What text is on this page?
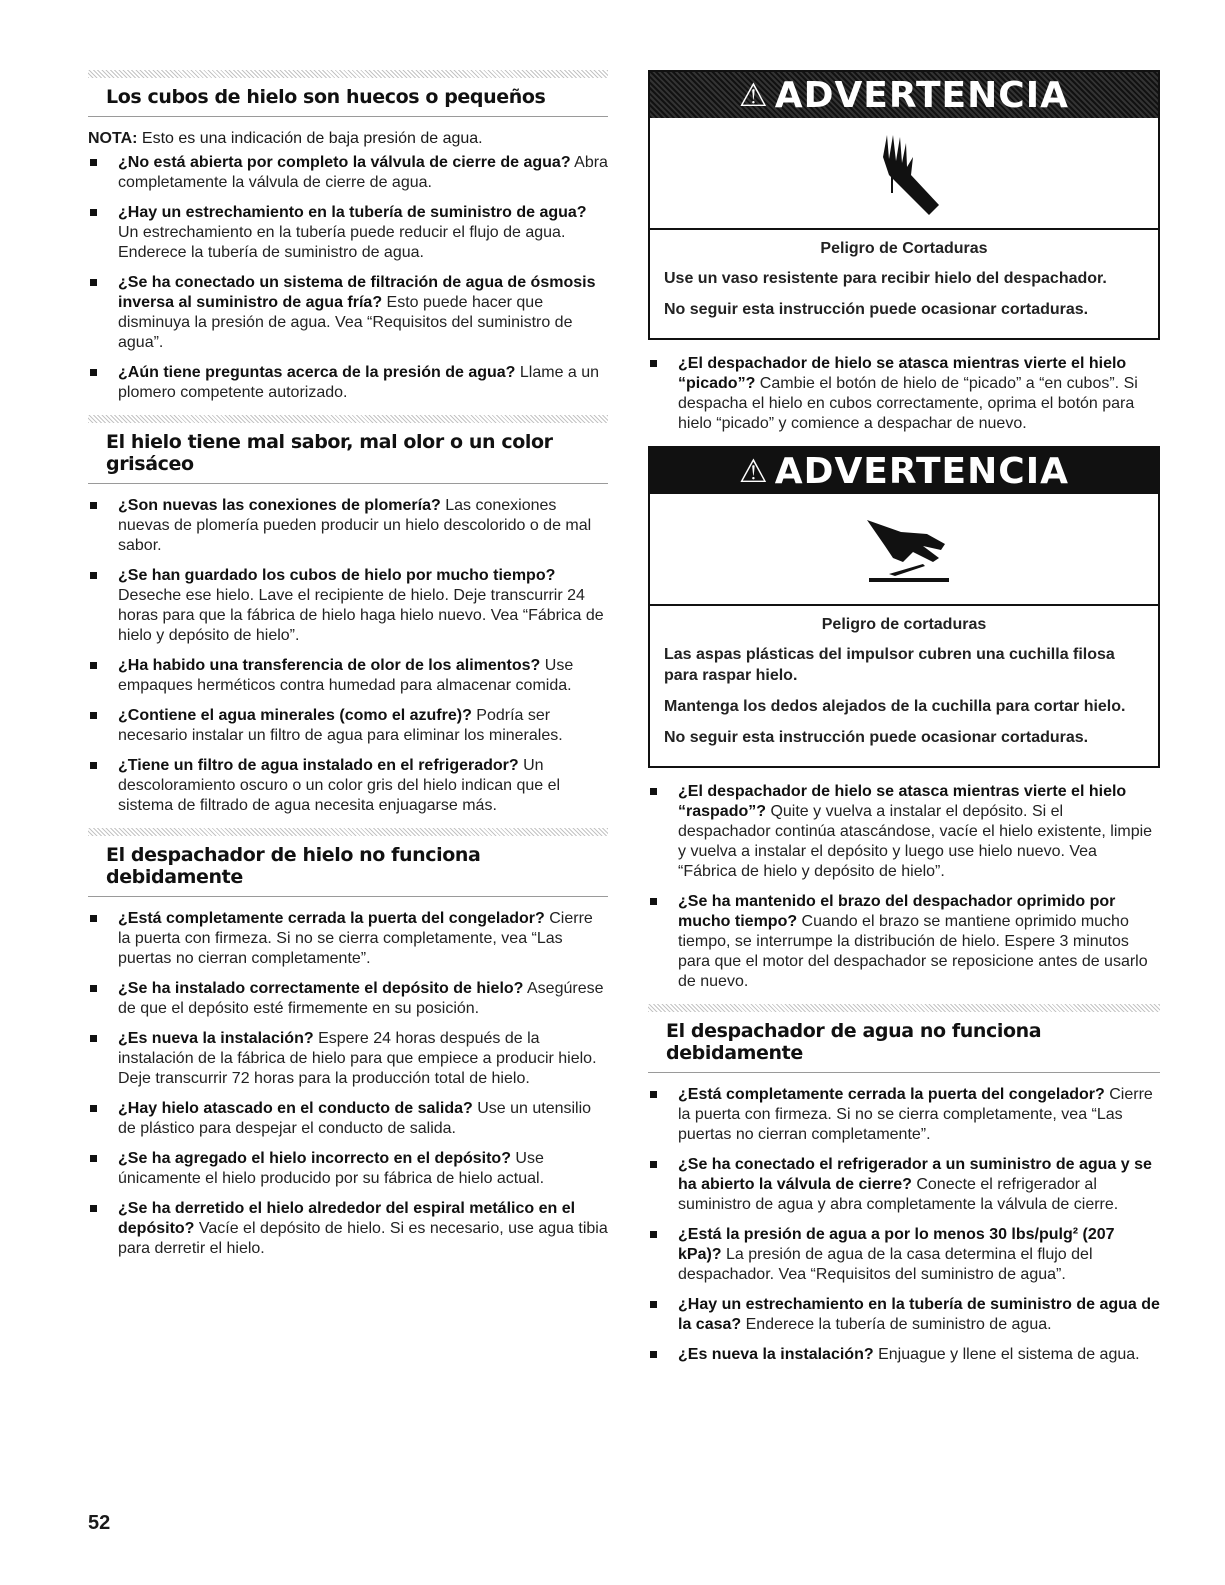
Los cubos de hielo son huecos o pequeños

NOTA: Esto es una indicación de baja presión de agua.

¿No está abierta por completo la válvula de cierre de agua? Abra completamente la válvula de cierre de agua.
¿Hay un estrechamiento en la tubería de suministro de agua? Un estrechamiento en la tubería puede reducir el flujo de agua. Enderece la tubería de suministro de agua.
¿Se ha conectado un sistema de filtración de agua de ósmosis inversa al suministro de agua fría? Esto puede hacer que disminuya la presión de agua. Vea “Requisitos del suministro de agua”.
¿Aún tiene preguntas acerca de la presión de agua? Llame a un plomero competente autorizado.
El hielo tiene mal sabor, mal olor o un color grisáceo
¿Son nuevas las conexiones de plomería? Las conexiones nuevas de plomería pueden producir un hielo descolorido o de mal sabor.
¿Se han guardado los cubos de hielo por mucho tiempo? Deseche ese hielo. Lave el recipiente de hielo. Deje transcurrir 24 horas para que la fábrica de hielo haga hielo nuevo. Vea “Fábrica de hielo y depósito de hielo”.
¿Ha habido una transferencia de olor de los alimentos? Use empaques herméticos contra humedad para almacenar comida.
¿Contiene el agua minerales (como el azufre)? Podría ser necesario instalar un filtro de agua para eliminar los minerales.
¿Tiene un filtro de agua instalado en el refrigerador? Un descoloramiento oscuro o un color gris del hielo indican que el sistema de filtrado de agua necesita enjuagarse más.
El despachador de hielo no funciona debidamente
¿Está completamente cerrada la puerta del congelador? Cierre la puerta con firmeza. Si no se cierra completamente, vea “Las puertas no cierran completamente”.
¿Se ha instalado correctamente el depósito de hielo? Asegúrese de que el depósito esté firmemente en su posición.
¿Es nueva la instalación? Espere 24 horas después de la instalación de la fábrica de hielo para que empiece a producir hielo. Deje transcurrir 72 horas para la producción total de hielo.
¿Hay hielo atascado en el conducto de salida? Use un utensilio de plástico para despejar el conducto de salida.
¿Se ha agregado el hielo incorrecto en el depósito? Use únicamente el hielo producido por su fábrica de hielo actual.
¿Se ha derretido el hielo alrededor del espiral metálico en el depósito? Vacíe el depósito de hielo. Si es necesario, use agua tibia para derretir el hielo.
⚠ ADVERTENCIA
Peligro de Cortaduras

Use un vaso resistente para recibir hielo del despachador.

No seguir esta instrucción puede ocasionar cortaduras.

¿El despachador de hielo se atasca mientras vierte el hielo “picado”? Cambie el botón de hielo de “picado” a “en cubos”. Si despacha el hielo en cubos correctamente, oprima el botón para hielo “picado” y comience a despachar de nuevo.
⚠ ADVERTENCIA
Peligro de cortaduras

Las aspas plásticas del impulsor cubren una cuchilla filosa para raspar hielo.

Mantenga los dedos alejados de la cuchilla para cortar hielo.

No seguir esta instrucción puede ocasionar cortaduras.

¿El despachador de hielo se atasca mientras vierte el hielo “raspado”? Quite y vuelva a instalar el depósito. Si el despachador continúa atascándose, vacíe el hielo existente, limpie y vuelva a instalar el depósito y luego use hielo nuevo. Vea “Fábrica de hielo y depósito de hielo”.
¿Se ha mantenido el brazo del despachador oprimido por mucho tiempo? Cuando el brazo se mantiene oprimido mucho tiempo, se interrumpe la distribución de hielo. Espere 3 minutos para que el motor del despachador se reposicione antes de usarlo de nuevo.
El despachador de agua no funciona debidamente
¿Está completamente cerrada la puerta del congelador? Cierre la puerta con firmeza. Si no se cierra completamente, vea “Las puertas no cierran completamente”.
¿Se ha conectado el refrigerador a un suministro de agua y se ha abierto la válvula de cierre? Conecte el refrigerador al suministro de agua y abra completamente la válvula de cierre.
¿Está la presión de agua a por lo menos 30 lbs/pulg² (207 kPa)? La presión de agua de la casa determina el flujo del despachador. Vea “Requisitos del suministro de agua”.
¿Hay un estrechamiento en la tubería de suministro de agua de la casa? Enderece la tubería de suministro de agua.
¿Es nueva la instalación? Enjuague y llene el sistema de agua.
52
